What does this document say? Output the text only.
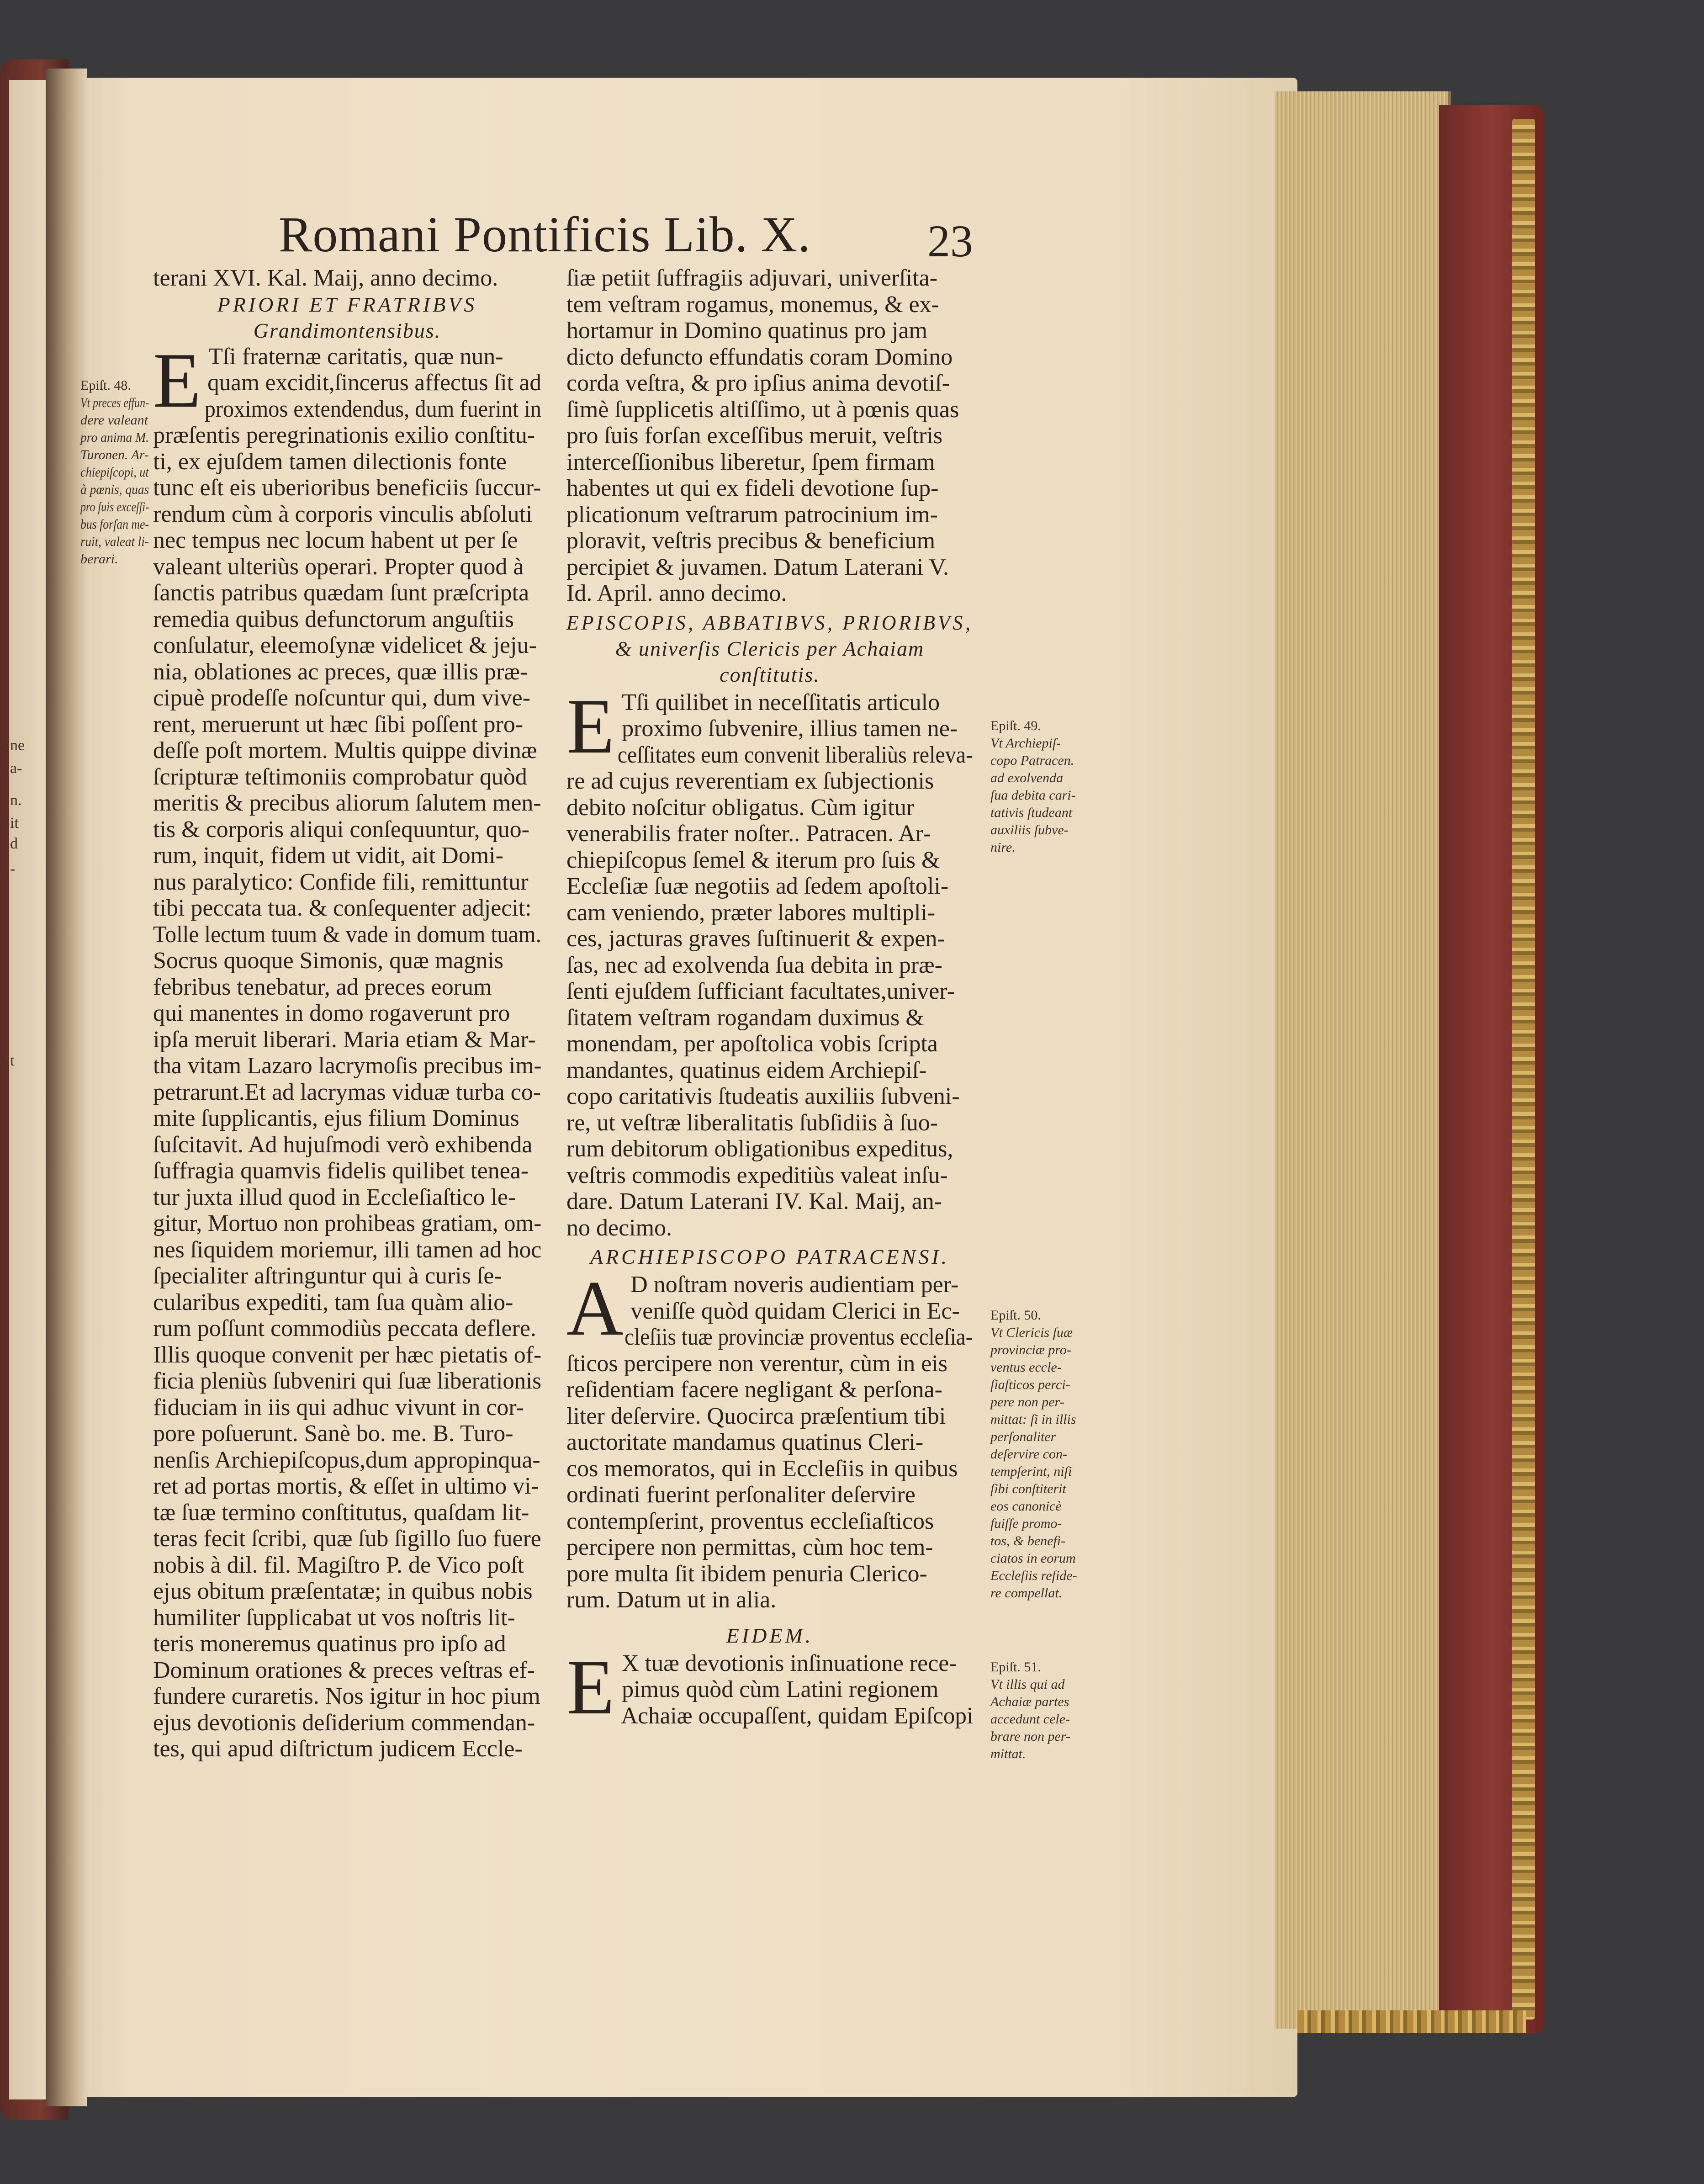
ne
a-
n.
it
d
-
t
Romani Pontificis Lib. X.	23
terani XVI. Kal. Maij, anno decimo.
PRIORI ET FRATRIBVS
Grandimontensibus.
E Tſi fraternæ caritatis, quæ nun-
quam excidit,ſincerus affectus ſit ad
proximos extendendus, dum fuerint in
præſentis peregrinationis exilio conſtitu-
ti, ex ejuſdem tamen dilectionis fonte
tunc eſt eis uberioribus beneficiis ſuccur-
rendum cùm à corporis vinculis abſoluti
nec tempus nec locum habent ut per ſe
valeant ulteriùs operari. Propter quod à
ſanctis patribus quædam ſunt præſcripta
remedia quibus defunctorum anguſtiis
conſulatur, eleemoſynæ videlicet & jeju-
nia, oblationes ac preces, quæ illis præ-
cipuè prodeſſe noſcuntur qui, dum vive-
rent, meruerunt ut hæc ſibi poſſent pro-
deſſe poſt mortem. Multis quippe divinæ
ſcripturæ teſtimoniis comprobatur quòd
meritis & precibus aliorum ſalutem men-
tis & corporis aliqui conſequuntur, quo-
rum, inquit, fidem ut vidit, ait Domi-
nus paralytico: Confide fili, remittuntur
tibi peccata tua. & conſequenter adjecit:
Tolle lectum tuum & vade in domum tuam.
Socrus quoque Simonis, quæ magnis
febribus tenebatur, ad preces eorum
qui manentes in domo rogaverunt pro
ipſa meruit liberari. Maria etiam & Mar-
tha vitam Lazaro lacrymoſis precibus im-
petrarunt.Et ad lacrymas viduæ turba co-
mite ſupplicantis, ejus filium Dominus
ſuſcitavit. Ad hujuſmodi verò exhibenda
ſuffragia quamvis fidelis quilibet tenea-
tur juxta illud quod in Eccleſiaſtico le-
gitur, Mortuo non prohibeas gratiam, om-
nes ſiquidem moriemur, illi tamen ad hoc
ſpecialiter aſtringuntur qui à curis ſe-
cularibus expediti, tam ſua quàm alio-
rum poſſunt commodiùs peccata deflere.
Illis quoque convenit per hæc pietatis of-
ficia pleniùs ſubveniri qui ſuæ liberationis
fiduciam in iis qui adhuc vivunt in cor-
pore poſuerunt. Sanè bo. me. B. Turo-
nenſis Archiepiſcopus,dum appropinqua-
ret ad portas mortis, & eſſet in ultimo vi-
tæ ſuæ termino conſtitutus, quaſdam lit-
teras fecit ſcribi, quæ ſub ſigillo ſuo fuere
nobis à dil. fil. Magiſtro P. de Vico poſt
ejus obitum præſentatæ; in quibus nobis
humiliter ſupplicabat ut vos noſtris lit-
teris moneremus quatinus pro ipſo ad
Dominum orationes & preces veſtras ef-
fundere curaretis. Nos igitur in hoc pium
ejus devotionis deſiderium commendan-
tes, qui apud diſtrictum judicem Eccle-
ſiæ petiit ſuffragiis adjuvari, univerſita-
tem veſtram rogamus, monemus, & ex-
hortamur in Domino quatinus pro jam
dicto defuncto effundatis coram Domino
corda veſtra, & pro ipſius anima devotiſ-
ſimè ſupplicetis altiſſimo, ut à pœnis quas
pro ſuis forſan exceſſibus meruit, veſtris
interceſſionibus liberetur, ſpem firmam
habentes ut qui ex fideli devotione ſup-
plicationum veſtrarum patrocinium im-
ploravit, veſtris precibus & beneficium
percipiet & juvamen. Datum Laterani V.
Id. April. anno decimo.
EPISCOPIS, ABBATIBVS, PRIORIBVS,
& univerſis Clericis per Achaiam
conſtitutis.
E Tſi quilibet in neceſſitatis articulo
proximo ſubvenire, illius tamen ne-
ceſſitates eum convenit liberaliùs releva-
re ad cujus reverentiam ex ſubjectionis
debito noſcitur obligatus. Cùm igitur
venerabilis frater noſter.. Patracen. Ar-
chiepiſcopus ſemel & iterum pro ſuis &
Eccleſiæ ſuæ negotiis ad ſedem apoſtoli-
cam veniendo, præter labores multipli-
ces, jacturas graves ſuſtinuerit & expen-
ſas, nec ad exolvenda ſua debita in præ-
ſenti ejuſdem ſufficiant facultates,univer-
ſitatem veſtram rogandam duximus &
monendam, per apoſtolica vobis ſcripta
mandantes, quatinus eidem Archiepiſ-
copo caritativis ſtudeatis auxiliis ſubveni-
re, ut veſtræ liberalitatis ſubſidiis à ſuo-
rum debitorum obligationibus expeditus,
veſtris commodis expeditiùs valeat inſu-
dare. Datum Laterani IV. Kal. Maij, an-
no decimo.
ARCHIEPISCOPO PATRACENSI.
A D noſtram noveris audientiam per-
veniſſe quòd quidam Clerici in Ec-
cleſiis tuæ provinciæ proventus eccleſia-
ſticos percipere non verentur, cùm in eis
reſidentiam facere negligant & perſona-
liter deſervire. Quocirca præſentium tibi
auctoritate mandamus quatinus Cleri-
cos memoratos, qui in Eccleſiis in quibus
ordinati fuerint perſonaliter deſervire
contempſerint, proventus eccleſiaſticos
percipere non permittas, cùm hoc tem-
pore multa ſit ibidem penuria Clerico-
rum. Datum ut in alia.
EIDEM.
E X tuæ devotionis inſinuatione rece-
pimus quòd cùm Latini regionem
Achaiæ occupaſſent, quidam Epiſcopi
Epiſt. 48.
Vt preces effun-
dere valeant
pro anima M.
Turonen. Ar-
chiepiſcopi, ut
à pœnis, quas
pro ſuis exceſſi-
bus forſan me-
ruit, valeat li-
berari.
Epiſt. 49.
Vt Archiepiſ-
copo Patracen.
ad exolvenda
ſua debita cari-
tativis ſtudeant
auxiliis ſubve-
nire.
Epiſt. 50.
Vt Clericis ſuæ
provinciæ pro-
ventus eccle-
ſiaſticos perci-
pere non per-
mittat: ſi in illis
perſonaliter
deſervire con-
tempſerint, niſi
ſibi conſtiterit
eos canonicè
fuiſſe promo-
tos, & benefi-
ciatos in eorum
Eccleſiis reſide-
re compellat.
Epiſt. 51.
Vt illis qui ad
Achaiæ partes
accedunt cele-
brare non per-
mittat.
